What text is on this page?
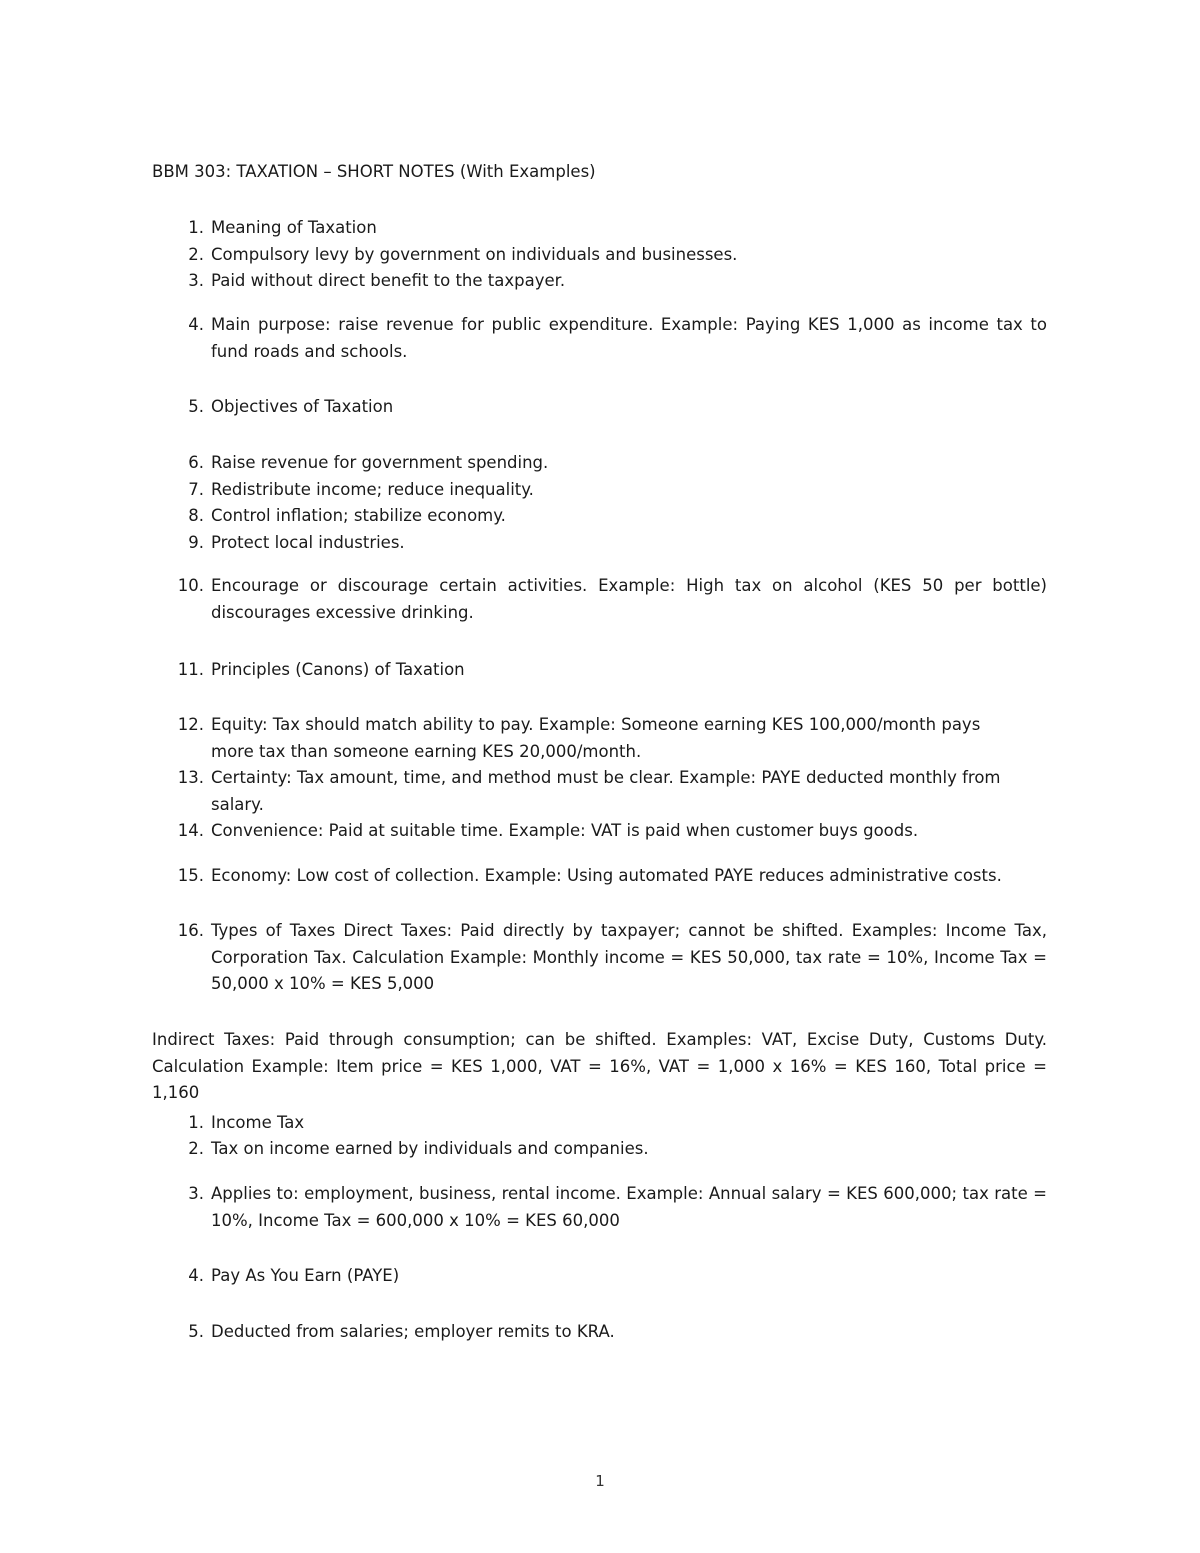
BBM 303: TAXATION – SHORT NOTES (With Examples)
1. Meaning of Taxation
2. Compulsory levy by government on individuals and businesses.
3. Paid without direct benefit to the taxpayer.
4. Main purpose: raise revenue for public expenditure. Example: Paying KES 1,000 as income tax to fund roads and schools.
5. Objectives of Taxation
6. Raise revenue for government spending.
7. Redistribute income; reduce inequality.
8. Control inflation; stabilize economy.
9. Protect local industries.
10. Encourage or discourage certain activities. Example: High tax on alcohol (KES 50 per bottle) discourages excessive drinking.
11. Principles (Canons) of Taxation
12. Equity: Tax should match ability to pay. Example: Someone earning KES 100,000/month pays more tax than someone earning KES 20,000/month.
13. Certainty: Tax amount, time, and method must be clear. Example: PAYE deducted monthly from salary.
14. Convenience: Paid at suitable time. Example: VAT is paid when customer buys goods.
15. Economy: Low cost of collection. Example: Using automated PAYE reduces administrative costs.
16. Types of Taxes Direct Taxes: Paid directly by taxpayer; cannot be shifted. Examples: Income Tax, Corporation Tax. Calculation Example: Monthly income = KES 50,000, tax rate = 10%, Income Tax = 50,000 x 10% = KES 5,000
Indirect Taxes: Paid through consumption; can be shifted. Examples: VAT, Excise Duty, Customs Duty. Calculation Example: Item price = KES 1,000, VAT = 16%, VAT = 1,000 x 16% = KES 160, Total price = 1,160
1. Income Tax
2. Tax on income earned by individuals and companies.
3. Applies to: employment, business, rental income. Example: Annual salary = KES 600,000; tax rate = 10%, Income Tax = 600,000 x 10% = KES 60,000
4. Pay As You Earn (PAYE)
5. Deducted from salaries; employer remits to KRA.
1
